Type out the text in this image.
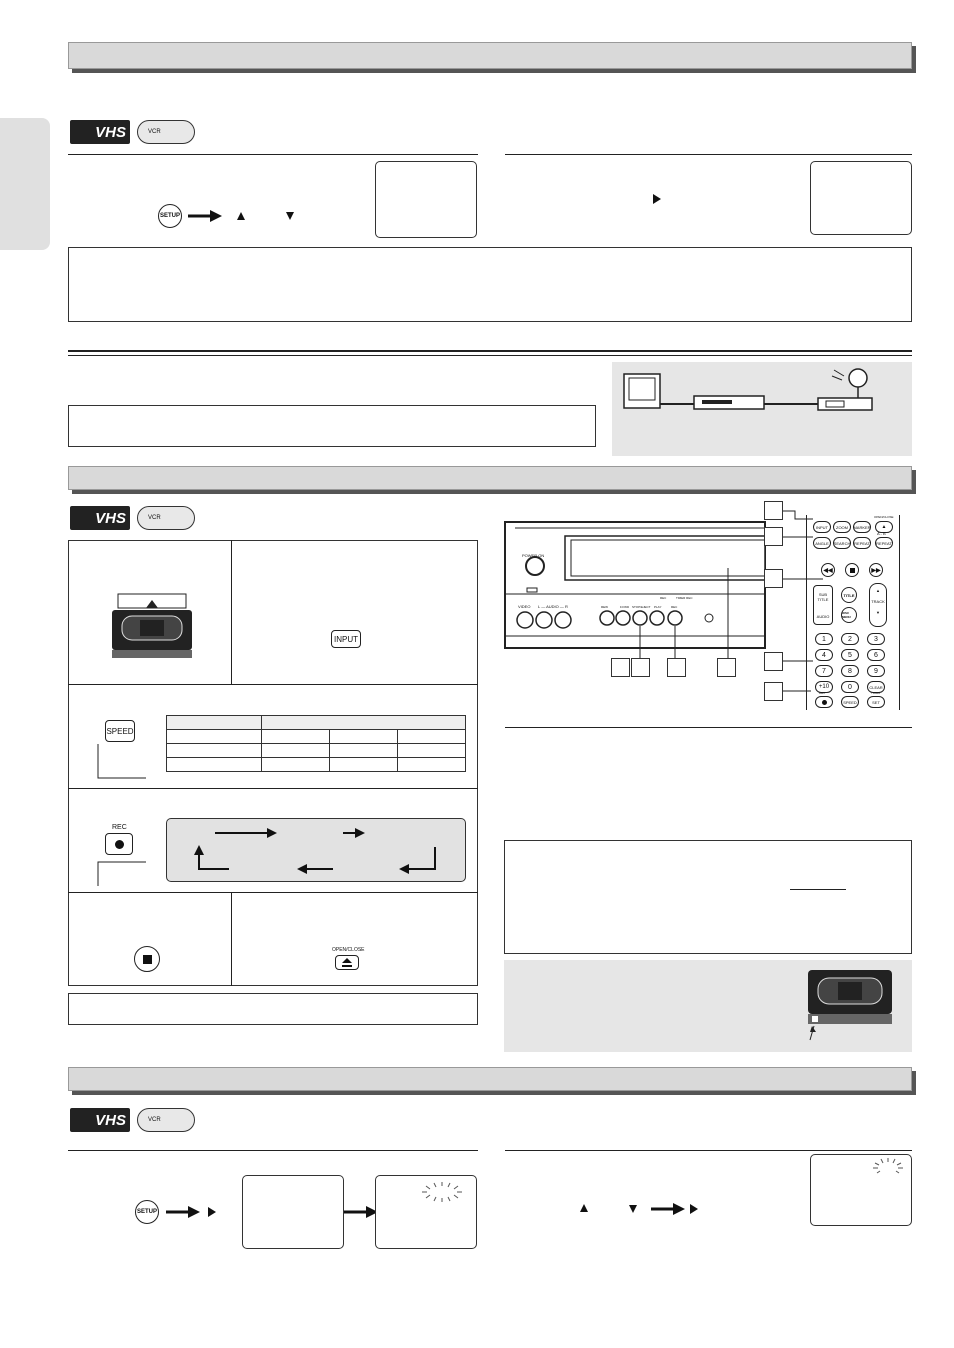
VHS	VCR
SETUP
VHS	VCR
INPUT
SPEED

REC
OPEN/CLOSE
POWER ON
VIDEO L — AUDIO — R	REW	STOP/EJECT
F.FWD	PLAY	REC
REC	TIMER REC
INPUT	ZOOM	MARKER
OPEN/CLOSE
▲
ANGLE	SEARCH REPEAT REPEAT
A - B
◀◀	▶▶
SUB TITLE
AUDIO
TITLE
DISC MENU
▲
TRACK
▼
1	2	3
4	5	6
7	8	9
+10	0	CLEAR
REC
SPEED
TIMER
SET
VHS	VCR
SETUP
